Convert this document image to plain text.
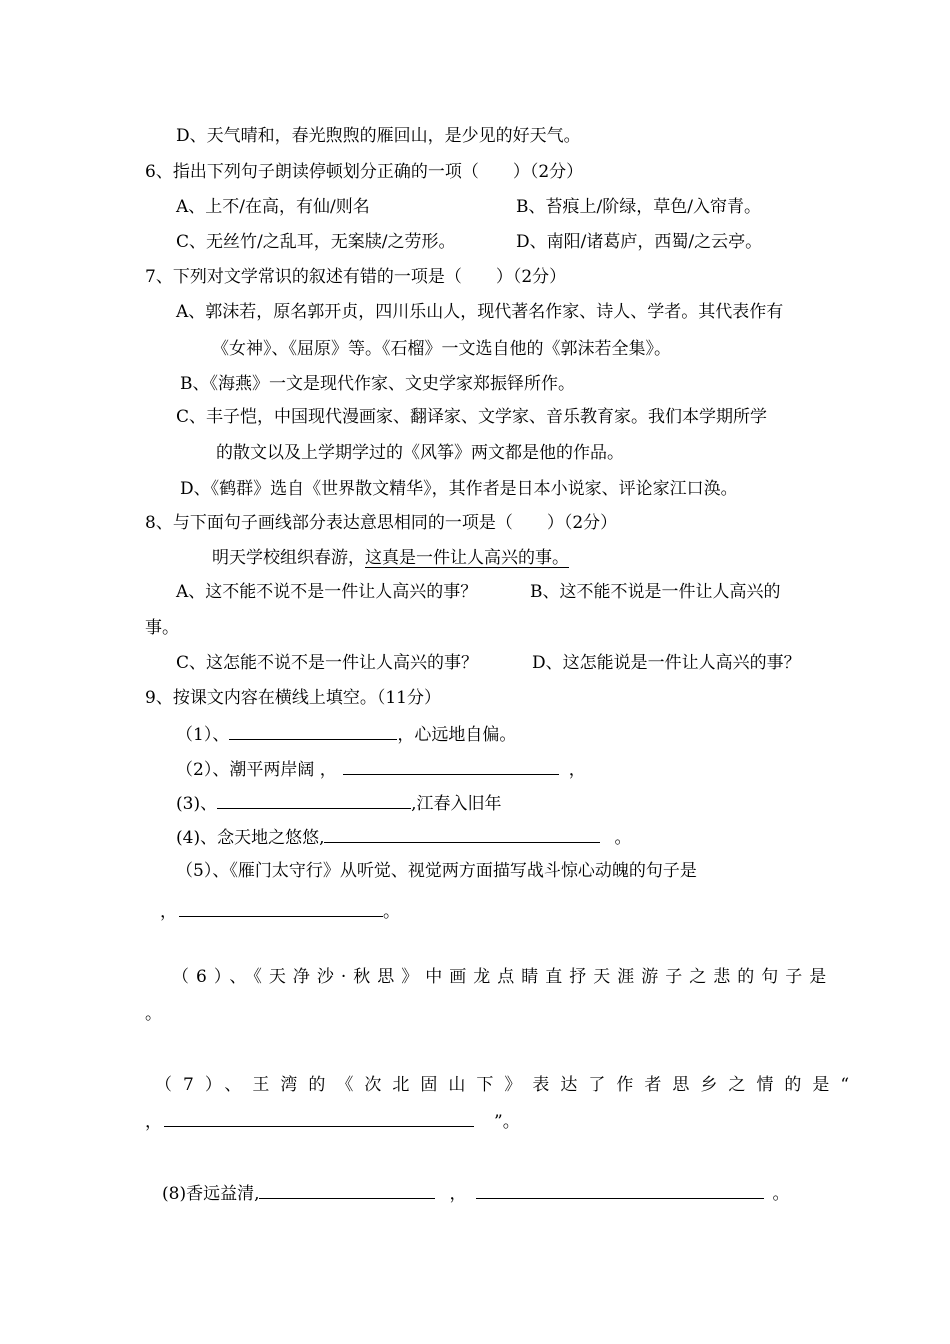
D、天气晴和，春光煦煦的雁回山，是少见的好天气。
6、指出下列句子朗读停顿划分正确的一项（　　）（2分）
A、上不/在高，有仙/则名	B、苔痕上/阶绿，草色/入帘青。
C、无丝竹/之乱耳，无案牍/之劳形。	D、南阳/诸葛庐，西蜀/之云亭。
7、下列对文学常识的叙述有错的一项是（　　）（2分）
A、郭沫若，原名郭开贞，四川乐山人，现代著名作家、诗人、学者。其代表作有
《女神》、《屈原》等。《石榴》一文选自他的《郭沫若全集》。
B、《海燕》一文是现代作家、文史学家郑振铎所作。
C、丰子恺，中国现代漫画家、翻译家、文学家、音乐教育家。我们本学期所学
的散文以及上学期学过的《风筝》两文都是他的作品。
D、《鹤群》选自《世界散文精华》，其作者是日本小说家、评论家江口涣。
8、与下面句子画线部分表达意思相同的一项是（　　）（2分）
明天学校组织春游，这真是一件让人高兴的事。
A、这不能不说不是一件让人高兴的事？	B、这不能不说是一件让人高兴的
事。
C、这怎能不说不是一件让人高兴的事？	D、这怎能说是一件让人高兴的事？
9、按课文内容在横线上填空。（11分）
（1）、	，心远地自偏。
（2）、潮平两岸阔 ，	，
(3)、	,江春入旧年
(4)、念天地之悠悠,	。
（5）、《雁门太守行》从听觉、视觉两方面描写战斗惊心动魄的句子是
，	。
（6）、《天净沙·秋思》中画龙点睛直抒天涯游子之悲的句子是
。
（7）、王湾的《次北固山下》表达了作者思乡之情的是“
，	”。
(8)香远益清,	，	。
